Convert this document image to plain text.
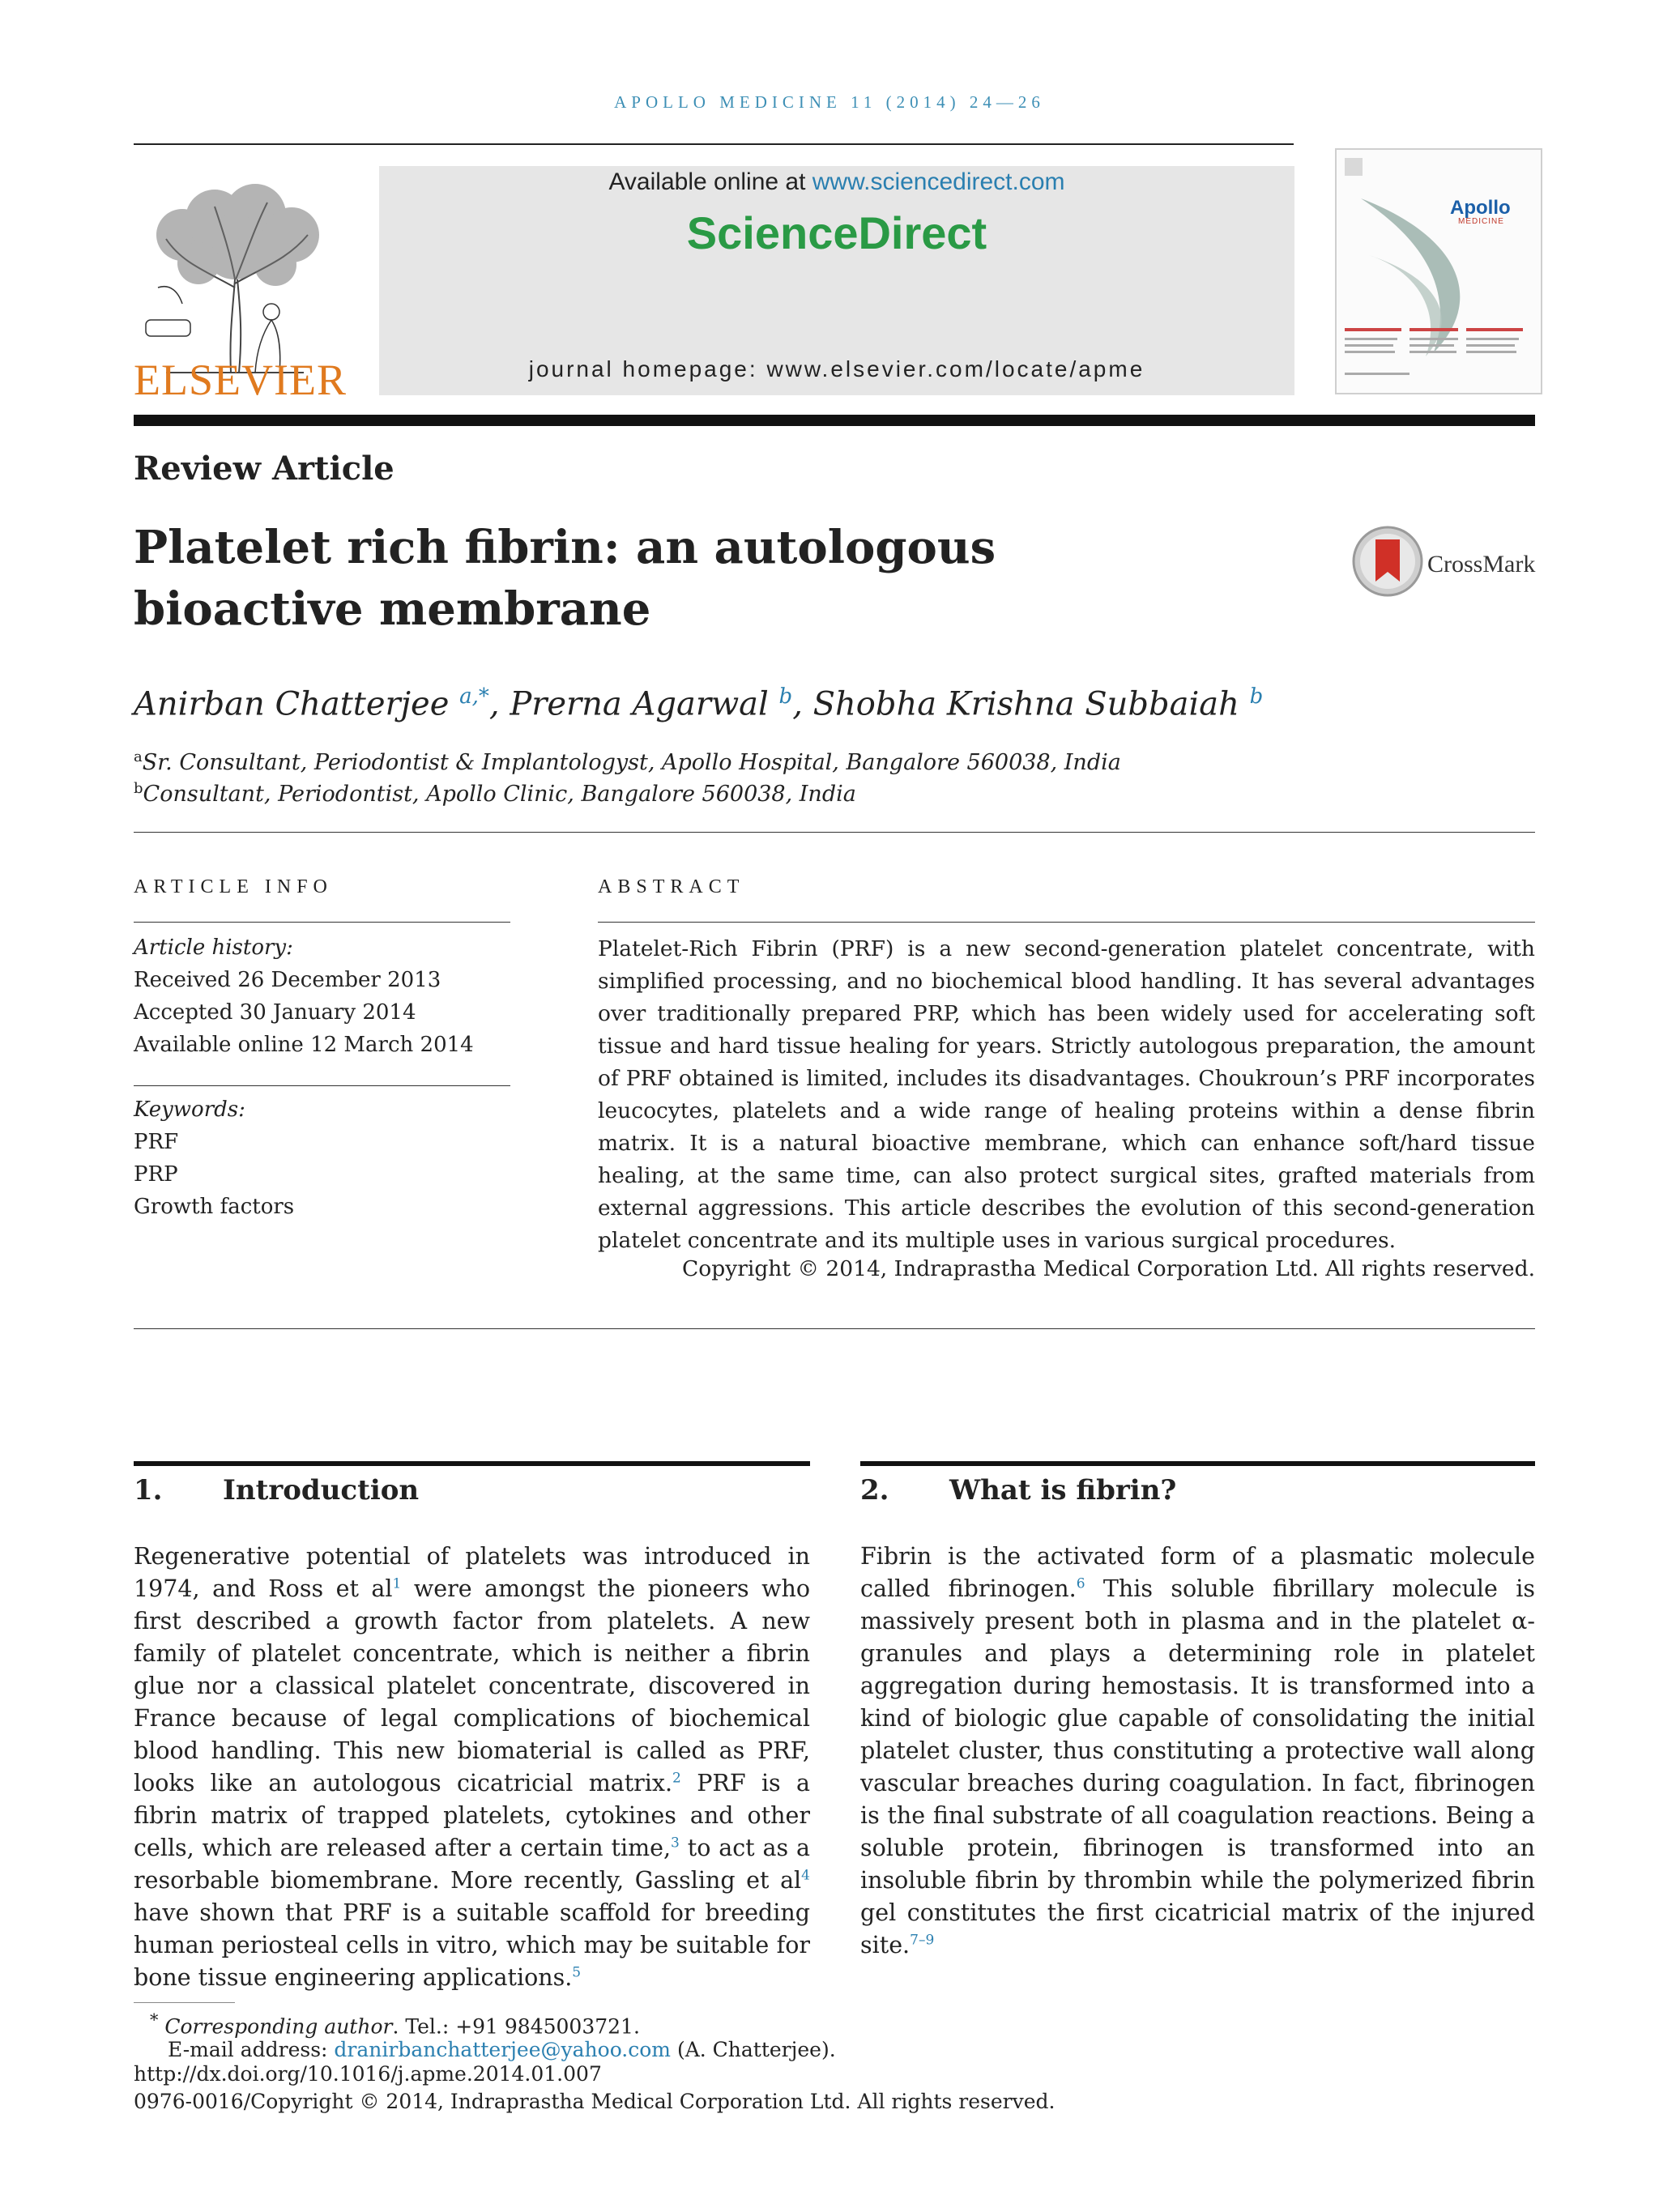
APOLLO MEDICINE 11 (2014) 24—26
ELSEVIER
Available online at www.sciencedirect.com
ScienceDirect
journal homepage: www.elsevier.com/locate/apme
Apollo
MEDICINE
Review Article
Platelet rich fibrin: an autologous bioactive membrane
CrossMark
Anirban Chatterjee $^{a,*}$, Prerna Agarwal $^b$, Shobha Krishna Subbaiah $^b$
$^a$Sr. Consultant, Periodontist & Implantologyst, Apollo Hospital, Bangalore 560038, India
$^b$Consultant, Periodontist, Apollo Clinic, Bangalore 560038, India
ARTICLE INFO
Article history:
Received 26 December 2013
Accepted 30 January 2014
Available online 12 March 2014
Keywords:
PRF
PRP
Growth factors
ABSTRACT
Platelet-Rich Fibrin (PRF) is a new second-generation platelet concentrate, with simplified processing, and no biochemical blood handling. It has several advantages over traditionally prepared PRP, which has been widely used for accelerating soft tissue and hard tissue healing for years. Strictly autologous preparation, the amount of PRF obtained is limited, includes its disadvantages. Choukroun’s PRF incorporates leucocytes, platelets and a wide range of healing proteins within a dense fibrin matrix. It is a natural bioactive membrane, which can enhance soft/hard tissue healing, at the same time, can also protect surgical sites, grafted materials from external aggressions. This article describes the evolution of this second-generation platelet concentrate and its multiple uses in various surgical procedures.
Copyright © 2014, Indraprastha Medical Corporation Ltd. All rights reserved.
1. Introduction
Regenerative potential of platelets was introduced in 1974, and Ross et $al^1$ were amongst the pioneers who first described a growth factor from platelets. A new family of platelet concentrate, which is neither a fibrin glue nor a classical platelet concentrate, discovered in France because of legal complications of biochemical blood handling. This new biomaterial is called as PRF, looks like an autologous cicatricial matrix.$^2$ PRF is a fibrin matrix of trapped platelets, cytokines and other cells, which are released after a certain time,$^3$ to act as a resorbable biomembrane. More recently, Gassling et $al^4$ have shown that PRF is a suitable scaffold for breeding human periosteal cells in vitro, which may be suitable for bone tissue engineering applications.$^5$
2. What is fibrin?
Fibrin is the activated form of a plasmatic molecule called fibrinogen.$^6$ This soluble fibrillary molecule is massively present both in plasma and in the platelet α-granules and plays a determining role in platelet aggregation during hemostasis. It is transformed into a kind of biologic glue capable of consolidating the initial platelet cluster, thus constituting a protective wall along vascular breaches during coagulation. In fact, fibrinogen is the final substrate of all coagulation reactions. Being a soluble protein, fibrinogen is transformed into an insoluble fibrin by thrombin while the polymerized fibrin gel constitutes the first cicatricial matrix of the injured site.$^{7-9}$
* Corresponding author. Tel.: +91 9845003721.
E-mail address: dranirbanchatterjee@yahoo.com (A. Chatterjee).
http://dx.doi.org/10.1016/j.apme.2014.01.007
0976-0016/Copyright © 2014, Indraprastha Medical Corporation Ltd. All rights reserved.
